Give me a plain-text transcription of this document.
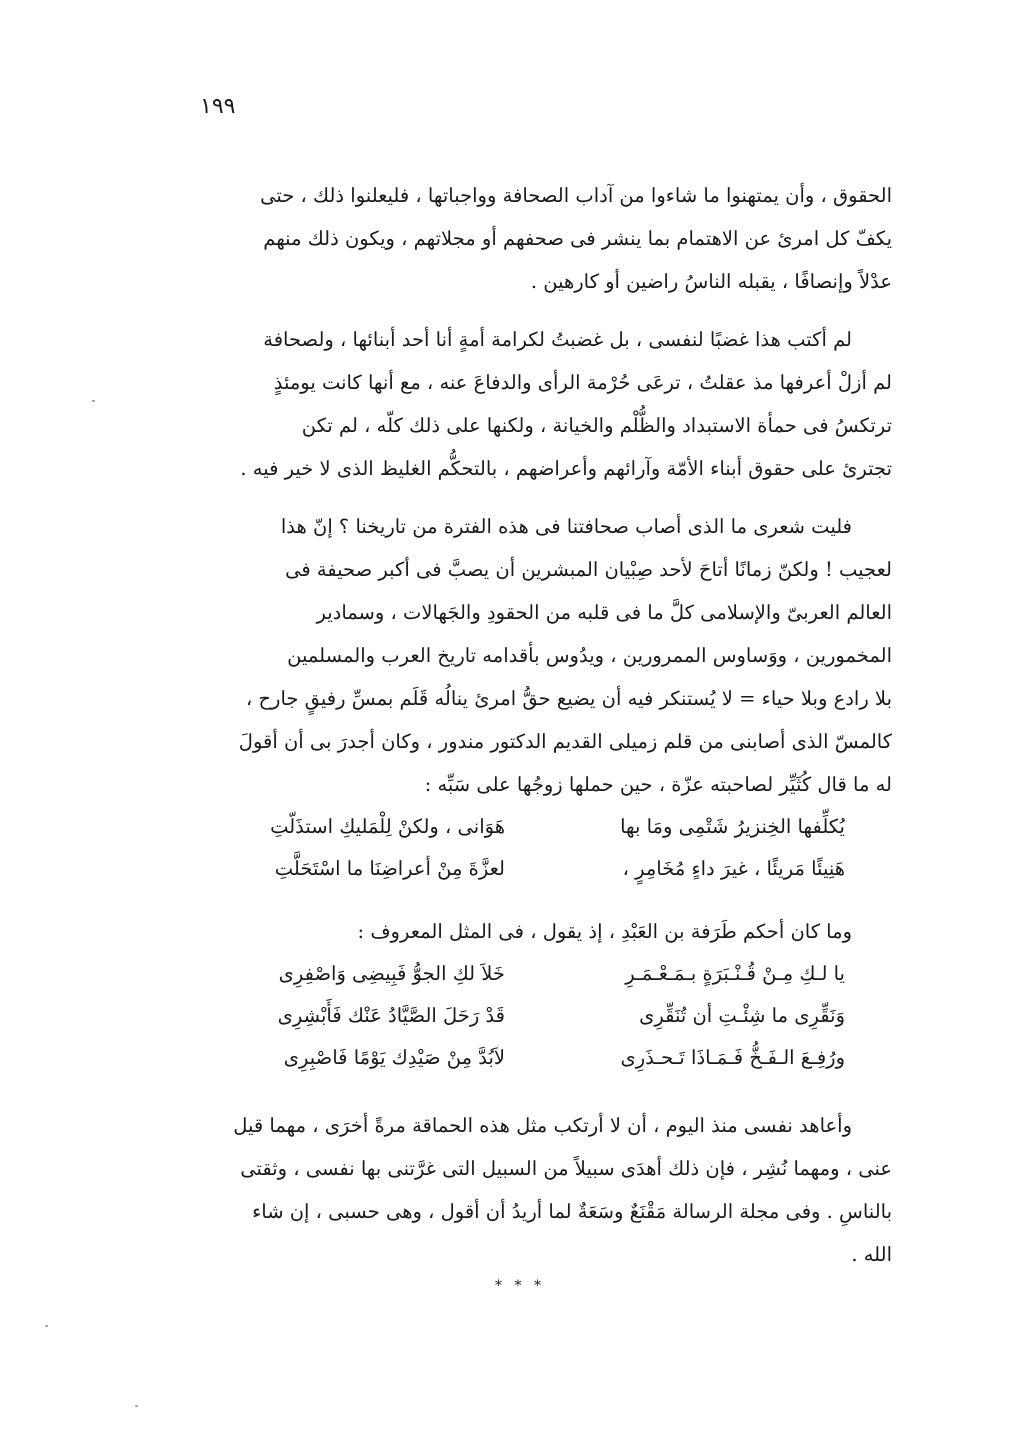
١٩٩
الحقوق ، وأن يمتهنوا ما شاءوا من آداب الصحافة وواجباتها ، فليعلنوا ذلك ، حتى
يكفّ كل امرئ عن الاهتمام بما ينشر فى صحفهم أو مجلاتهم ، ويكون ذلك منهم
عدْلاً وإنصافًا ، يقبله الناسُ راضين أو كارهين .
لم أكتب هذا غضبًا لنفسى ، بل غضبتُ لكرامة أمةٍ أنا أحد أبنائها ، ولصحافة
لم أزلْ أعرفها مذ عقلتُ ، ترعَى حُرْمة الرأى والدفاعَ عنه ، مع أنها كانت يومئذٍ
ترتكسُ فى حمأة الاستبداد والظُّلْم والخيانة ، ولكنها على ذلك كلّه ، لم تكن
تجترئ على حقوق أبناء الأمّة وآرائهم وأعراضهم ، بالتحكُّم الغليظ الذى لا خير فيه .
فليت شعرى ما الذى أصاب صحافتنا فى هذه الفترة من تاريخنا ؟ إنّ هذا
لعجيب ! ولكنّ زمانًا أتاحَ لأحد صِبْيان المبشرين أن يصبَّ فى أكبر صحيفة فى
العالم العربىّ والإسلامى كلَّ ما فى قلبه من الحقودِ والجَهالات ، وسمادير
المخمورين ، ووَساوس الممرورين ، ويدُوس بأقدامه تاريخ العرب والمسلمين
بلا رادع وبلا حياء = لا يُستنكر فيه أن يضيع حقُّ امرئ ينالُه قَلَم بمسِّ رفيقٍ جارح ،
كالمسّ الذى أصابنى من قلم زميلى القديم الدكتور مندور ، وكان أجدرَ بى أن أقولَ
له ما قال كُثَيِّر لصاحبته عزّة ، حين حملها زوجُها على سَبِّه :
يُكلِّفها الخِنزيرُ شَتْمِى ومَا بها
هَوَانى ، ولكنْ لِلْمَليكِ استذَلّتِ
هَنِيئًا مَريئًا ، غيرَ داءٍ مُخَامِرٍ ،
لعزَّةَ مِنْ أعراضِنَا ما اسْتَحَلَّتِ
وما كان أحكم طَرَفة بن العَبْدِ ، إذ يقول ، فى المثل المعروف :
يا لـكِ مِـنْ قُـنْـبَرَةٍ بـمَـعْـمَـرِ
خَلاَ لكِ الجوُّ فَبِيضِى وَاصْفِرِى
وَنَقِّرِى ما شِئْـتِ أن تُنَقِّرِى
قَدْ رَحَلَ الصَّيَّادُ عَنْك فَأَبْشِرِى
ورُفِـعَ الـفَـخُّ فَـمَـاذَا تَـحـذَرِى
لاَبُدَّ مِنْ صَيْدِك يَوْمًا فَاصْبِرِى
وأعاهد نفسى منذ اليوم ، أن لا أرتكب مثل هذه الحماقة مرةً أخرَى ، مهما قيل
عنى ، ومهما نُشِر ، فإن ذلك أهدَى سبيلاً من السبيل التى غرَّتنى بها نفسى ، وثقتى
بالناسِ . وفى مجلة الرسالة مَقْنَعٌ وسَعَةٌ لما أريدُ أن أقول ، وهى حسبى ، إن شاء
الله .
* * *
